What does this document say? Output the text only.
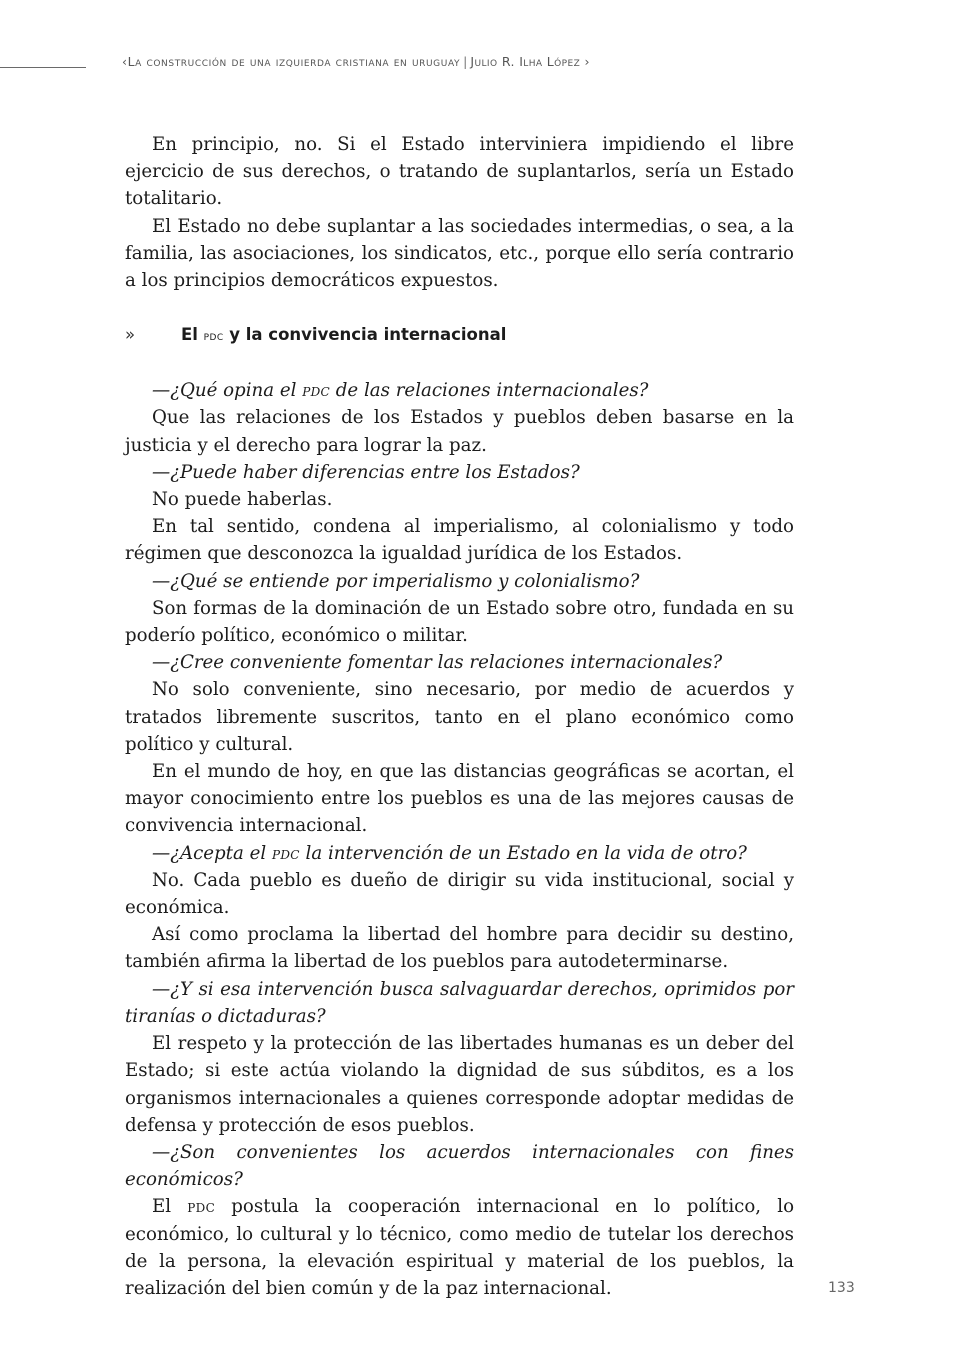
‹La construcción de una izquierda cristiana en uruguay | Julio R. Ilha López ›

En principio, no. Si el Estado interviniera impidiendo el libre ejercicio de sus derechos, o tratando de suplantarlos, sería un Estado totalitario.

El Estado no debe suplantar a las sociedades intermedias, o sea, a la familia, las asociaciones, los sindicatos, etc., porque ello sería contrario a los principios democráticos expuestos.

»	El pdc y la convivencia internacional

—¿Qué opina el pdc de las relaciones internacionales?

Que las relaciones de los Estados y pueblos deben basarse en la justicia y el derecho para lograr la paz.

—¿Puede haber diferencias entre los Estados?

No puede haberlas.

En tal sentido, condena al imperialismo, al colonialismo y todo régimen que desconozca la igualdad jurídica de los Estados.

—¿Qué se entiende por imperialismo y colonialismo?

Son formas de la dominación de un Estado sobre otro, fundada en su poderío político, económico o militar.

—¿Cree conveniente fomentar las relaciones internacionales?

No solo conveniente, sino necesario, por medio de acuerdos y tratados libremente suscritos, tanto en el plano económico como político y cultural.

En el mundo de hoy, en que las distancias geográficas se acortan, el mayor conocimiento entre los pueblos es una de las mejores causas de convivencia internacional.

—¿Acepta el pdc la intervención de un Estado en la vida de otro?

No. Cada pueblo es dueño de dirigir su vida institucional, social y económica.

Así como proclama la libertad del hombre para decidir su destino, también afirma la libertad de los pueblos para autodeterminarse.

—¿Y si esa intervención busca salvaguardar derechos, oprimidos por tiranías o dictaduras?

El respeto y la protección de las libertades humanas es un deber del Estado; si este actúa violando la dignidad de sus súbditos, es a los organismos internacionales a quienes corresponde adoptar medidas de defensa y protección de esos pueblos.

—¿Son convenientes los acuerdos internacionales con fines económicos?

El pdc postula la cooperación internacional en lo político, lo económico, lo cultural y lo técnico, como medio de tutelar los derechos de la persona, la elevación espiritual y material de los pueblos, la realización del bien común y de la paz internacional.	133
